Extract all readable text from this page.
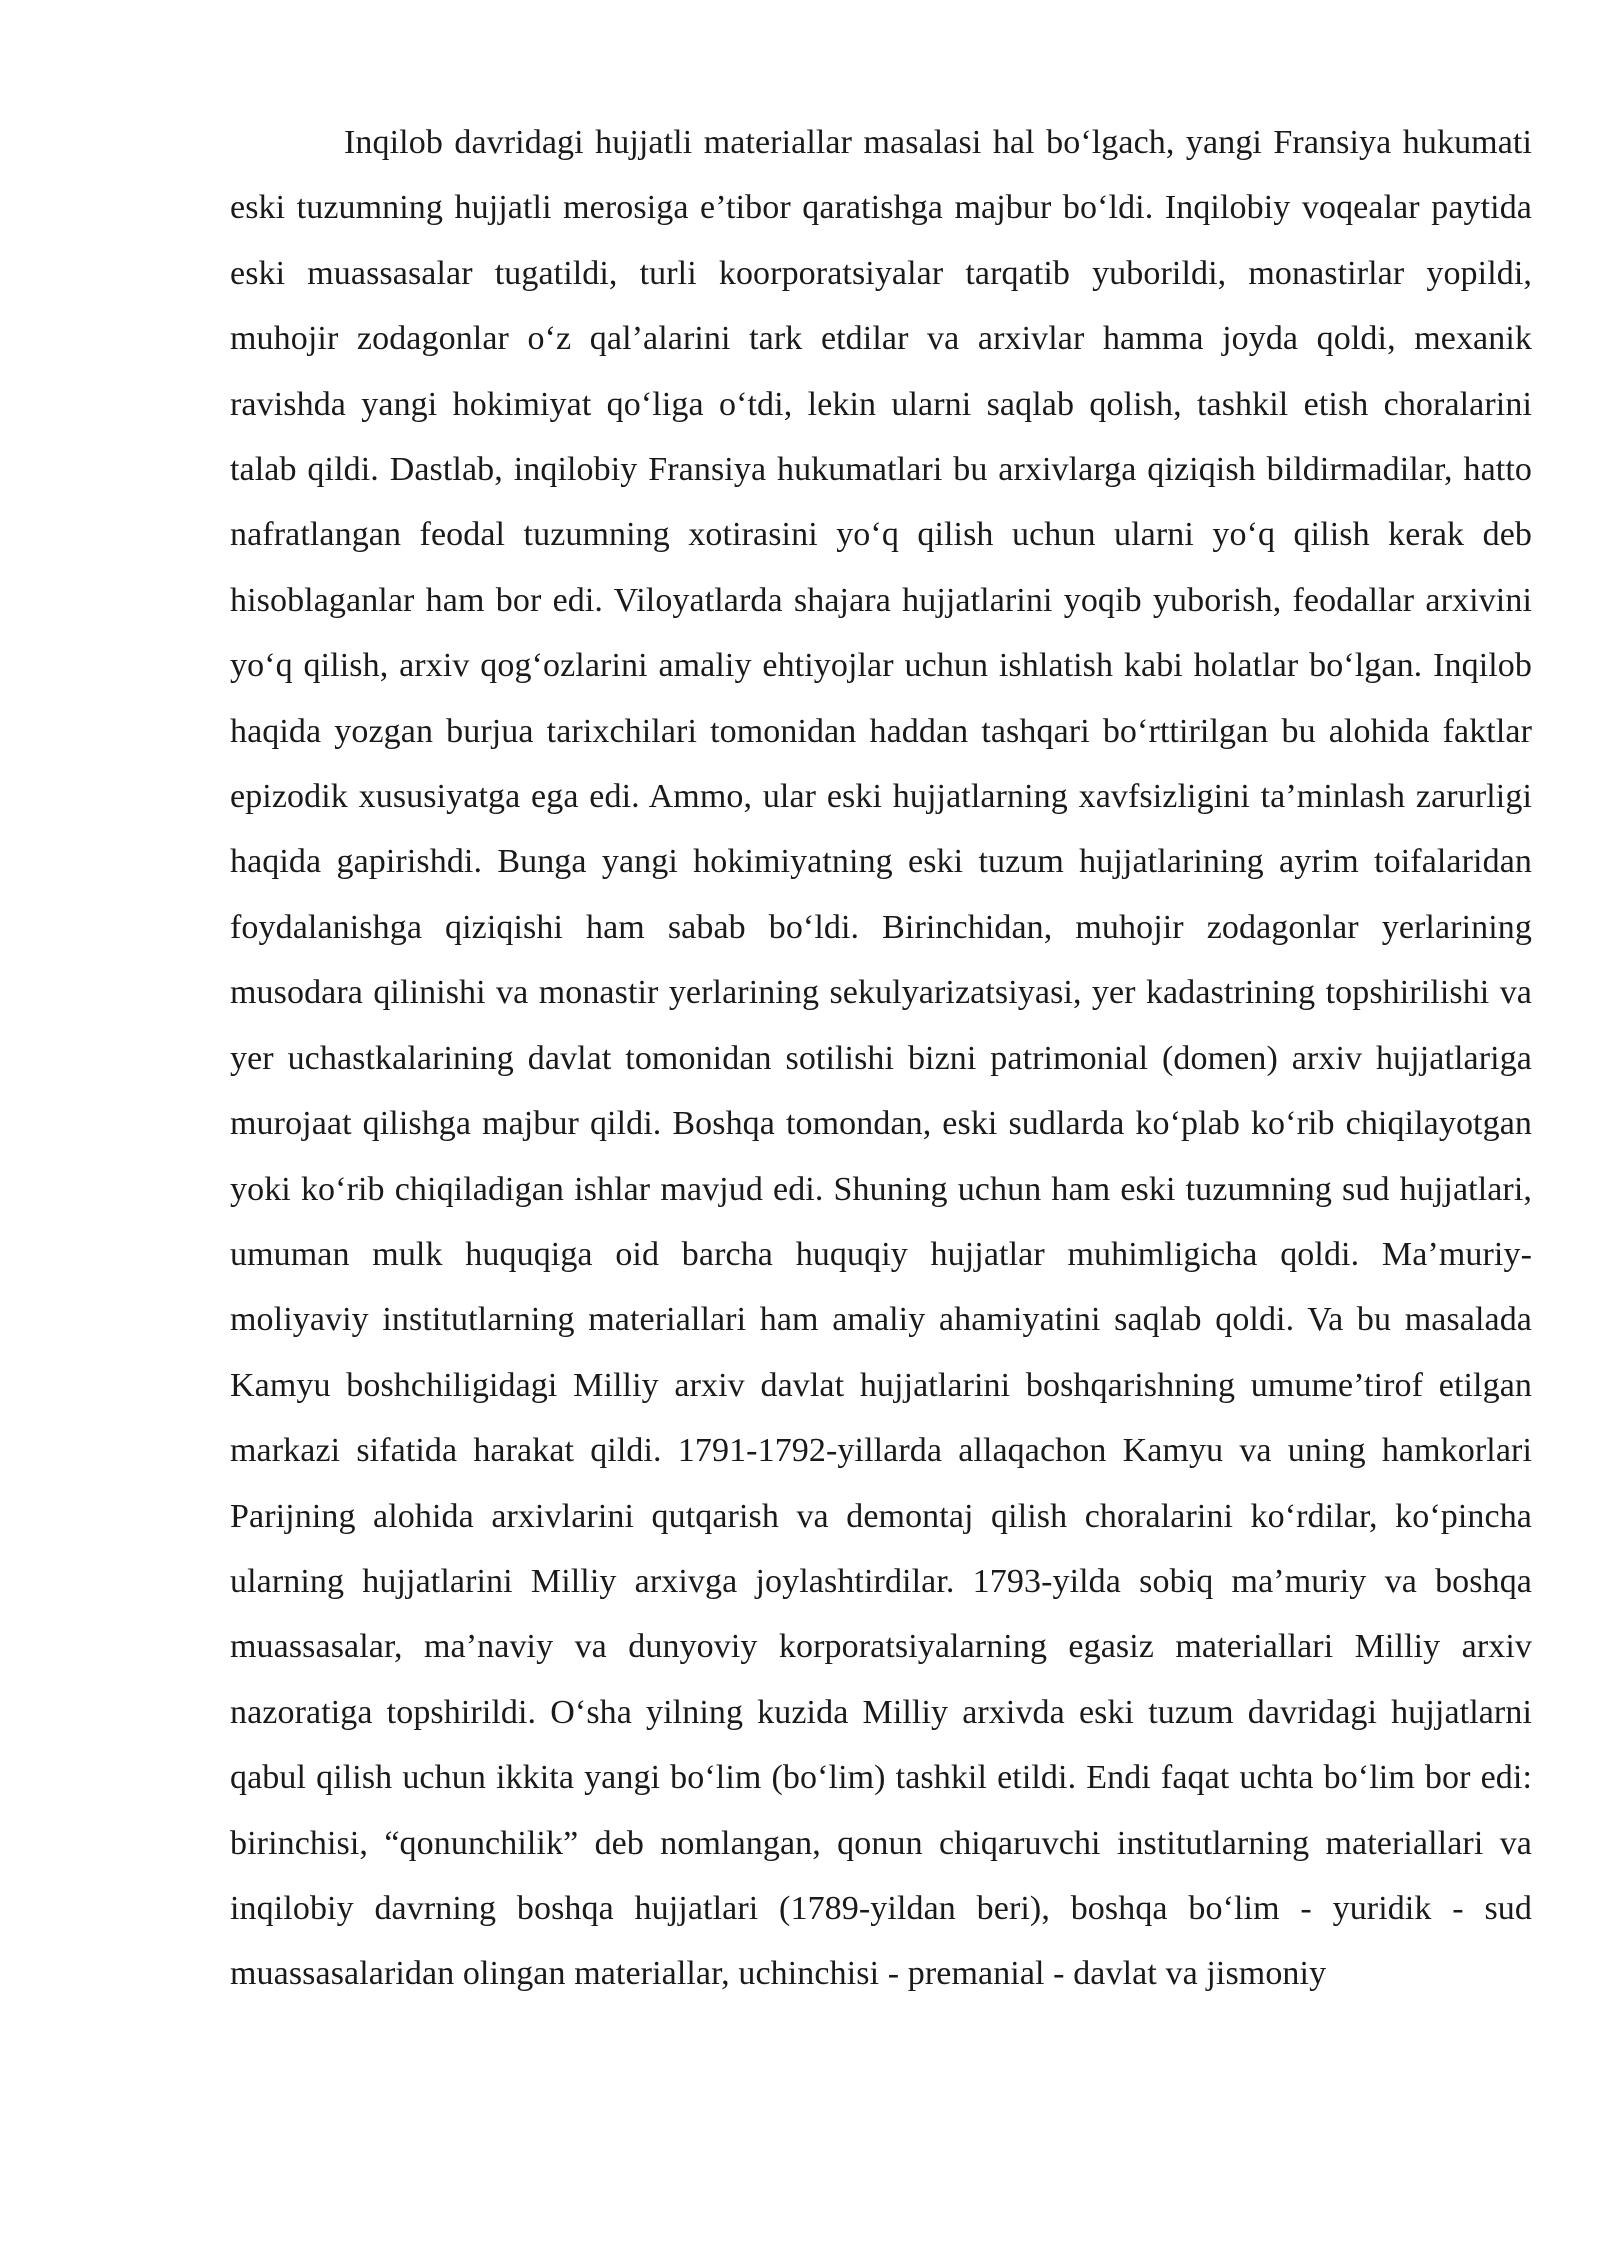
Inqilob davridagi hujjatli materiallar masalasi hal bo‘lgach, yangi Fransiya hukumati eski tuzumning hujjatli merosiga e’tibor qaratishga majbur bo‘ldi. Inqilobiy voqealar paytida eski muassasalar tugatildi, turli koorporatsiyalar tarqatib yuborildi, monastirlar yopildi, muhojir zodagonlar o‘z qal’alarini tark etdilar va arxivlar hamma joyda qoldi, mexanik ravishda yangi hokimiyat qo‘liga o‘tdi, lekin ularni saqlab qolish, tashkil etish choralarini talab qildi. Dastlab, inqilobiy Fransiya hukumatlari bu arxivlarga qiziqish bildirmadilar, hatto nafratlangan feodal tuzumning xotirasini yo‘q qilish uchun ularni yo‘q qilish kerak deb hisoblaganlar ham bor edi. Viloyatlarda shajara hujjatlarini yoqib yuborish, feodallar arxivini yo‘q qilish, arxiv qog‘ozlarini amaliy ehtiyojlar uchun ishlatish kabi holatlar bo‘lgan. Inqilob haqida yozgan burjua tarixchilari tomonidan haddan tashqari bo‘rttirilgan bu alohida faktlar epizodik xususiyatga ega edi. Ammo, ular eski hujjatlarning xavfsizligini ta’minlash zarurligi haqida gapirishdi. Bunga yangi hokimiyatning eski tuzum hujjatlarining ayrim toifalaridan foydalanishga qiziqishi ham sabab bo‘ldi. Birinchidan, muhojir zodagonlar yerlarining musodara qilinishi va monastir yerlarining sekulyarizatsiyasi, yer kadastrining topshirilishi va yer uchastkalarining davlat tomonidan sotilishi bizni patrimonial (domen) arxiv hujjatlariga murojaat qilishga majbur qildi. Boshqa tomondan, eski sudlarda ko‘plab ko‘rib chiqilayotgan yoki ko‘rib chiqiladigan ishlar mavjud edi. Shuning uchun ham eski tuzumning sud hujjatlari, umuman mulk huquqiga oid barcha huquqiy hujjatlar muhimligicha qoldi. Ma’muriy-moliyaviy institutlarning materiallari ham amaliy ahamiyatini saqlab qoldi. Va bu masalada Kamyu boshchiligidagi Milliy arxiv davlat hujjatlarini boshqarishning umume’tirof etilgan markazi sifatida harakat qildi. 1791-1792-yillarda allaqachon Kamyu va uning hamkorlari Parijning alohida arxivlarini qutqarish va demontaj qilish choralarini ko‘rdilar, ko‘pincha ularning hujjatlarini Milliy arxivga joylashtirdilar. 1793-yilda sobiq ma’muriy va boshqa muassasalar, ma’naviy va dunyoviy korporatsiyalarning egasiz materiallari Milliy arxiv nazoratiga topshirildi. O‘sha yilning kuzida Milliy arxivda eski tuzum davridagi hujjatlarni qabul qilish uchun ikkita yangi bo‘lim (bo‘lim) tashkil etildi. Endi faqat uchta bo‘lim bor edi: birinchisi, “qonunchilik” deb nomlangan, qonun chiqaruvchi institutlarning materiallari va inqilobiy davrning boshqa hujjatlari (1789-yildan beri), boshqa bo‘lim - yuridik - sud muassasalaridan olingan materiallar, uchinchisi - premanial - davlat va jismoniy
